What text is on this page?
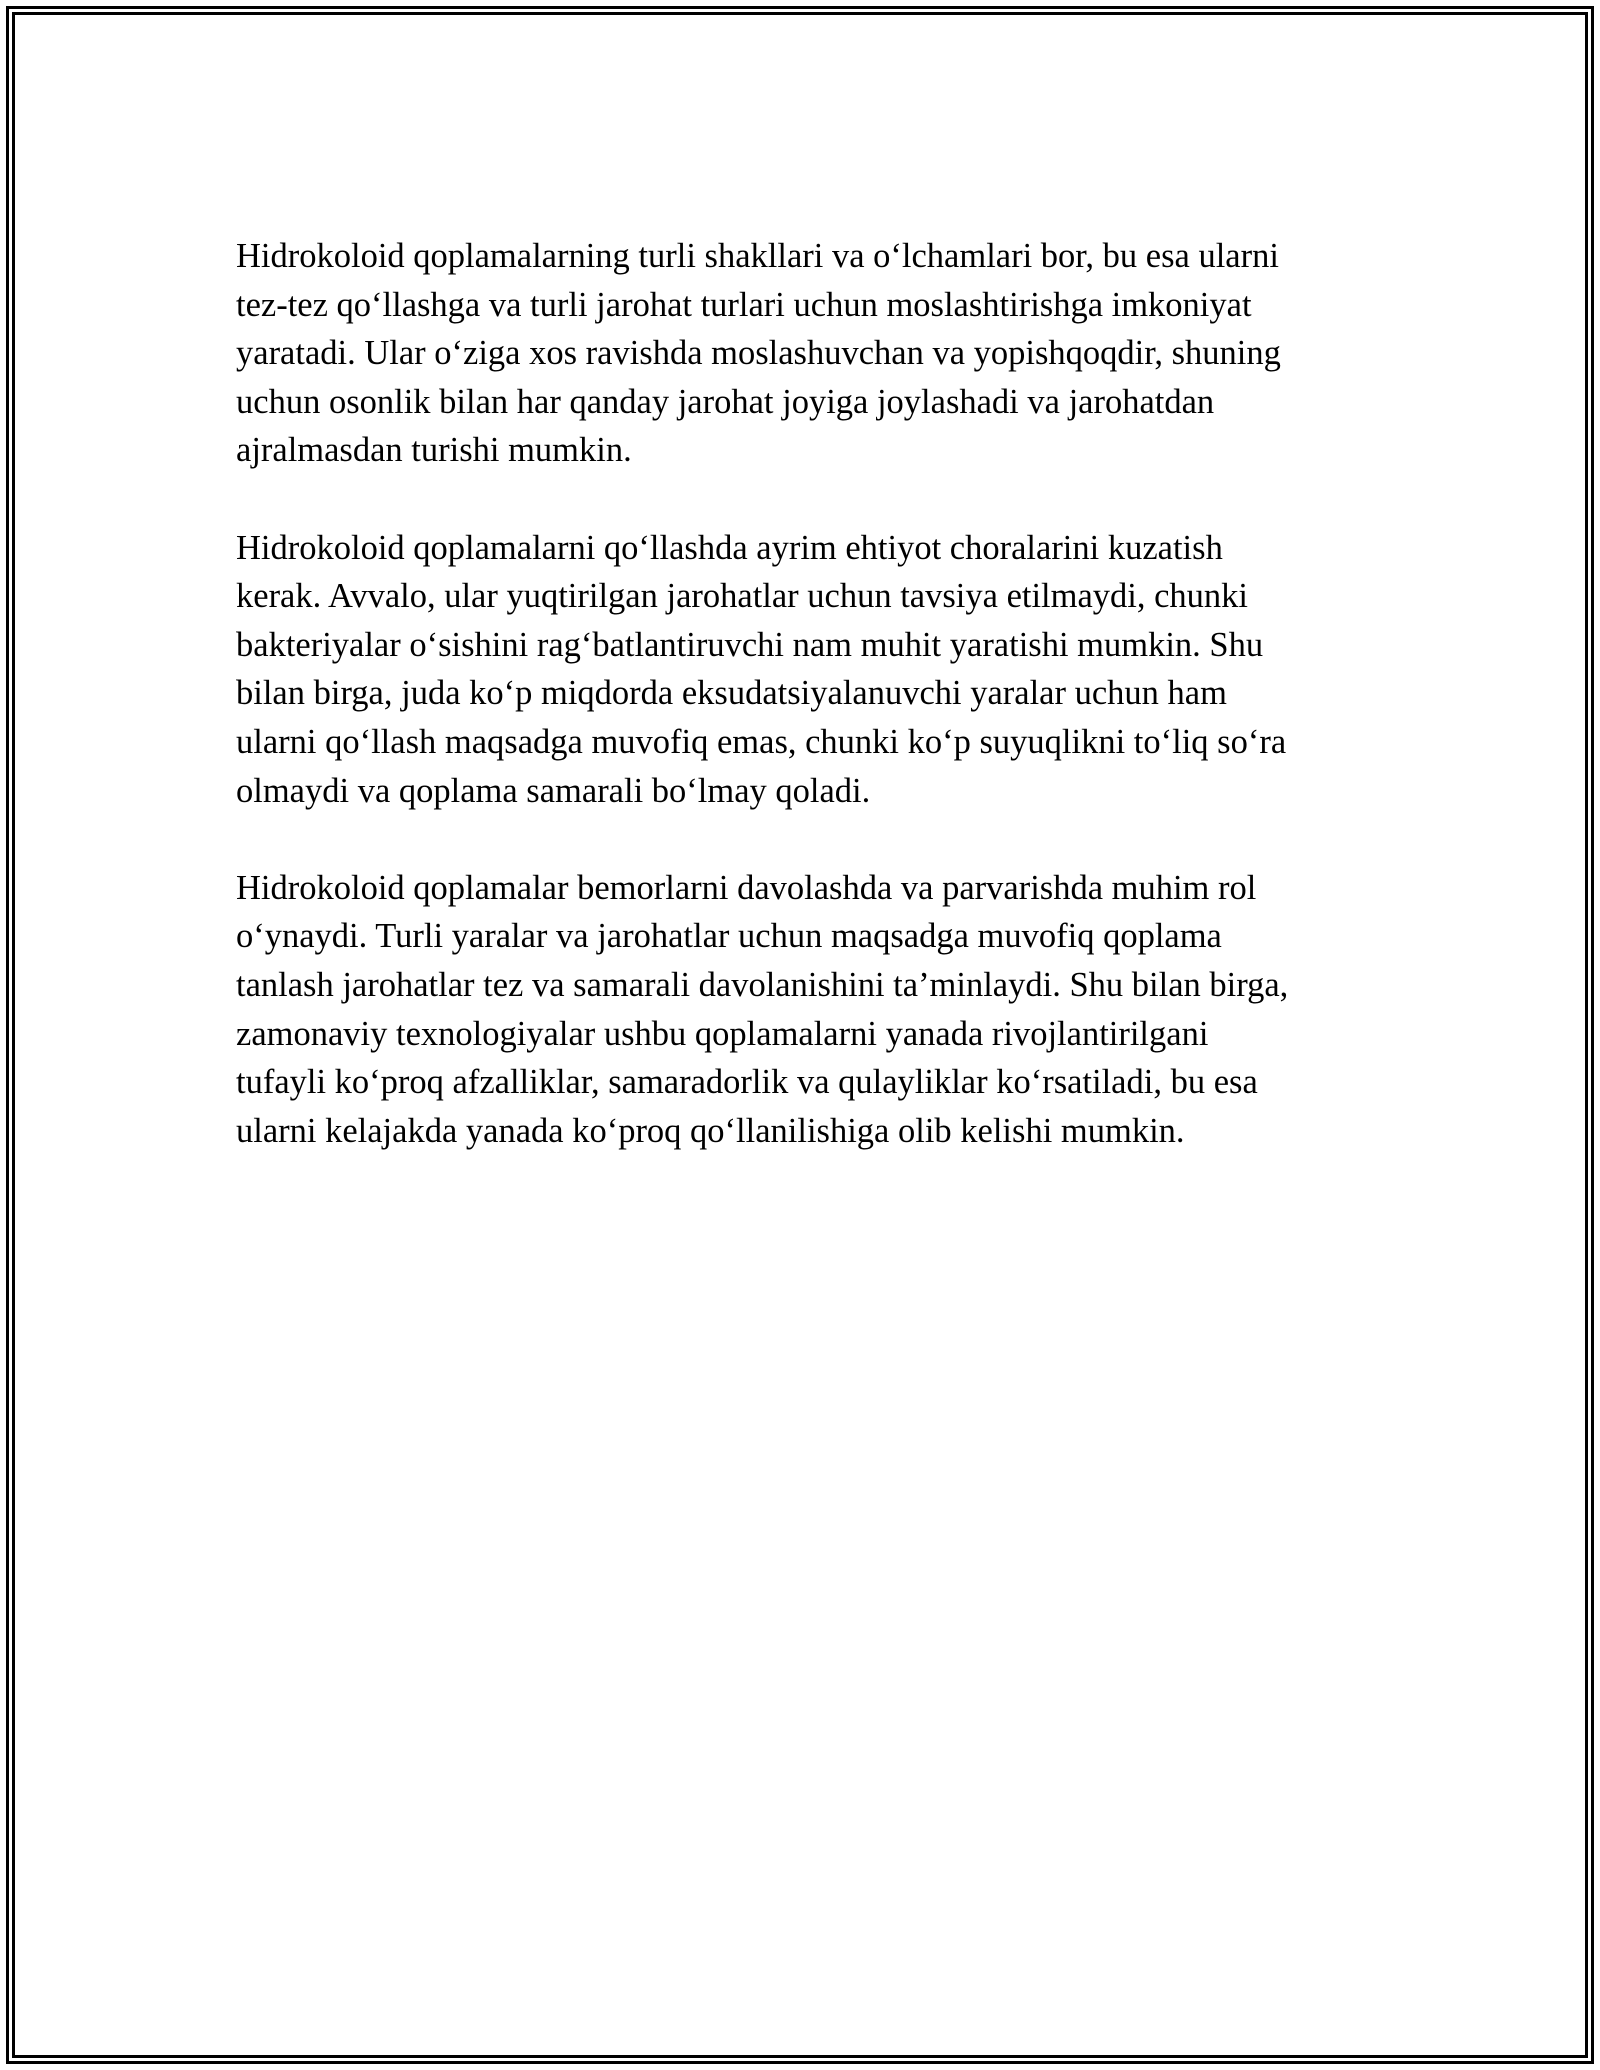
Hidrokoloid qoplamalarning turli shakllari va o‘lchamlari bor, bu esa ularni
tez-tez qo‘llashga va turli jarohat turlari uchun moslashtirishga imkoniyat
yaratadi. Ular o‘ziga xos ravishda moslashuvchan va yopishqoqdir, shuning
uchun osonlik bilan har qanday jarohat joyiga joylashadi va jarohatdan
ajralmasdan turishi mumkin.

Hidrokoloid qoplamalarni qo‘llashda ayrim ehtiyot choralarini kuzatish
kerak. Avvalo, ular yuqtirilgan jarohatlar uchun tavsiya etilmaydi, chunki
bakteriyalar o‘sishini rag‘batlantiruvchi nam muhit yaratishi mumkin. Shu
bilan birga, juda ko‘p miqdorda eksudatsiyalanuvchi yaralar uchun ham
ularni qo‘llash maqsadga muvofiq emas, chunki ko‘p suyuqlikni to‘liq so‘ra
olmaydi va qoplama samarali bo‘lmay qoladi.

Hidrokoloid qoplamalar bemorlarni davolashda va parvarishda muhim rol
o‘ynaydi. Turli yaralar va jarohatlar uchun maqsadga muvofiq qoplama
tanlash jarohatlar tez va samarali davolanishini ta’minlaydi. Shu bilan birga,
zamonaviy texnologiyalar ushbu qoplamalarni yanada rivojlantirilgani
tufayli ko‘proq afzalliklar, samaradorlik va qulayliklar ko‘rsatiladi, bu esa
ularni kelajakda yanada ko‘proq qo‘llanilishiga olib kelishi mumkin.
